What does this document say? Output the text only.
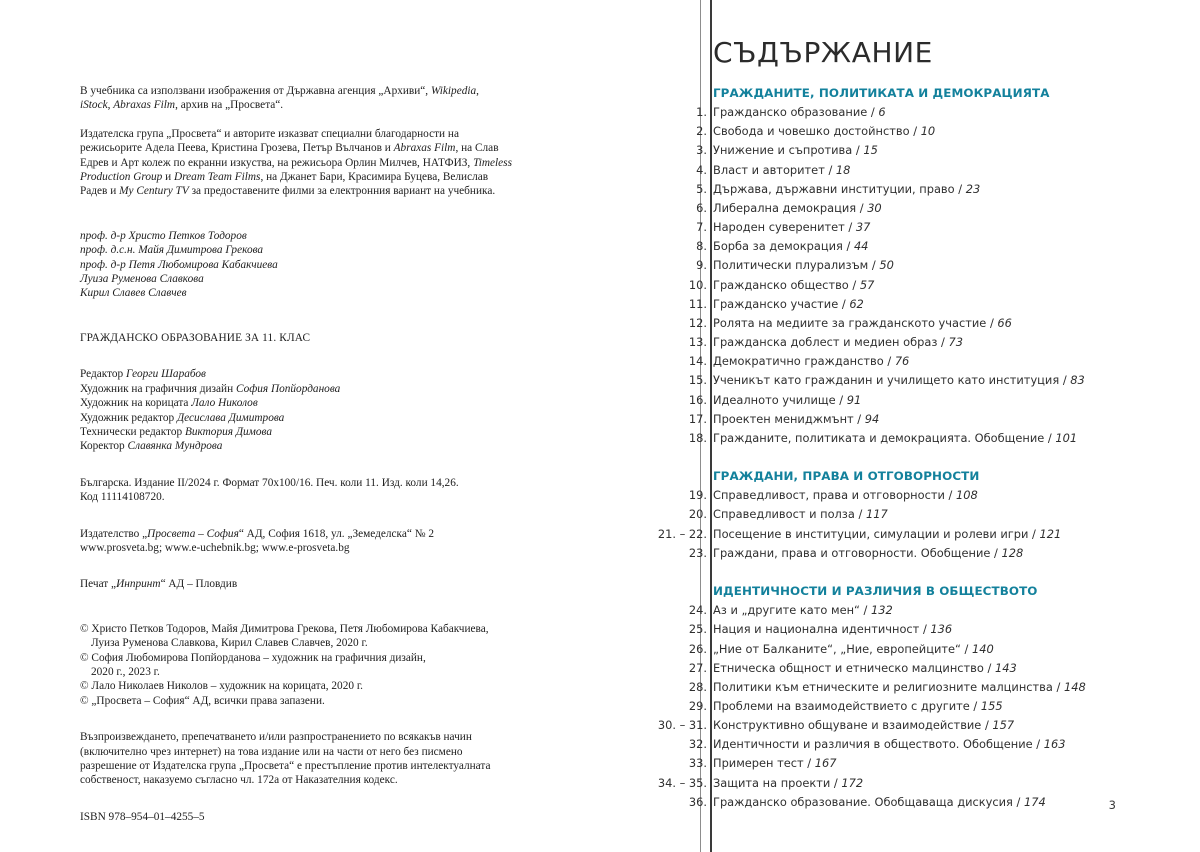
В учебника са използвани изображения от Държавна агенция „Архиви“, Wikipedia, iStock, Abraxas Film, архив на „Просвета“.

Издателска група „Просвета“ и авторите изказват специални благодарности на режисьорите Адела Пеева, Кристина Грозева, Петър Вълчанов и Abraxas Film, на Слав Едрев и Арт колеж по екранни изкуства, на режисьора Орлин Милчев, НАТФИЗ, Timeless Production Group и Dream Team Films, на Джанет Бари, Красимира Буцева, Велислав Радев и My Century TV за предоставените филми за електронния вариант на учебника.

проф. д-р Христо Петков Тодоров

проф. д.с.н. Майя Димитрова Грекова

проф. д-р Петя Любомирова Кабакчиева

Луиза Руменова Славкова

Кирил Славев Славчев

ГРАЖДАНСКО ОБРАЗОВАНИЕ ЗА 11. КЛАС

Редактор Георги Шарабов

Художник на графичния дизайн София Попйорданова

Художник на корицата Лало Николов

Художник редактор Десислава Димитрова

Технически редактор Виктория Димова

Коректор Славянка Мундрова

Българска. Издание II/2024 г. Формат 70х100/16. Печ. коли 11. Изд. коли 14,26.

Код 11114108720.

Издателство „Просвета – София“ АД, София 1618, ул. „Земеделска“ № 2

www.prosveta.bg; www.e-uchebnik.bg; www.e-prosveta.bg

Печат „Инпринт“ АД – Пловдив

© Христо Петков Тодоров, Майя Димитрова Грекова, Петя Любомирова Кабакчиева,
Луиза Руменова Славкова, Кирил Славев Славчев, 2020 г.

© София Любомирова Попйорданова – художник на графичния дизайн,
2020 г., 2023 г.

© Лало Николаев Николов – художник на корицата, 2020 г.

© „Просвета – София“ АД, всички права запазени.

Възпроизвеждането, препечатването и/или разпространението по всякакъв начин (включително чрез интернет) на това издание или на части от него без писмено разрешение от Издателска група „Просвета“ е престъпление против интелектуалната собственост, наказуемо съгласно чл. 172а от Наказателния кодекс.

ISBN 978–954–01–4255–5

СЪДЪРЖАНИЕ
ГРАЖДАНИТЕ, ПОЛИТИКАТА И ДЕМОКРАЦИЯТА
1. Гражданско образование / 6
2. Свобода и човешко достойнство / 10
3. Унижение и съпротива / 15
4. Власт и авторитет / 18
5. Държава, държавни институции, право / 23
6. Либерална демокрация / 30
7. Народен суверенитет / 37
8. Борба за демокрация / 44
9. Политически плурализъм / 50
10. Гражданско общество / 57
11. Гражданско участие / 62
12. Ролята на медиите за гражданското участие / 66
13. Гражданска доблест и медиен образ / 73
14. Демократично гражданство / 76
15. Ученикът като гражданин и училището като институция / 83
16. Идеалното училище / 91
17. Проектен мениджмънт / 94
18. Гражданите, политиката и демокрацията. Обобщение / 101
ГРАЖДАНИ, ПРАВА И ОТГОВОРНОСТИ
19. Справедливост, права и отговорности / 108
20. Справедливост и полза / 117
21. – 22. Посещение в институции, симулации и ролеви игри / 121
23. Граждани, права и отговорности. Обобщение / 128
ИДЕНТИЧНОСТИ И РАЗЛИЧИЯ В ОБЩЕСТВОТО
24. Аз и „другите като мен“ / 132
25. Нация и национална идентичност / 136
26. „Ние от Балканите“, „Ние, европейците“ / 140
27. Етническа общност и етническо малцинство / 143
28. Политики към етническите и религиозните малцинства / 148
29. Проблеми на взаимодействието с другите / 155
30. – 31. Конструктивно общуване и взаимодействие / 157
32. Идентичности и различия в обществото. Обобщение / 163
33. Примерен тест / 167
34. – 35. Защита на проекти / 172
36. Гражданско образование. Обобщаваща дискусия / 174	3
